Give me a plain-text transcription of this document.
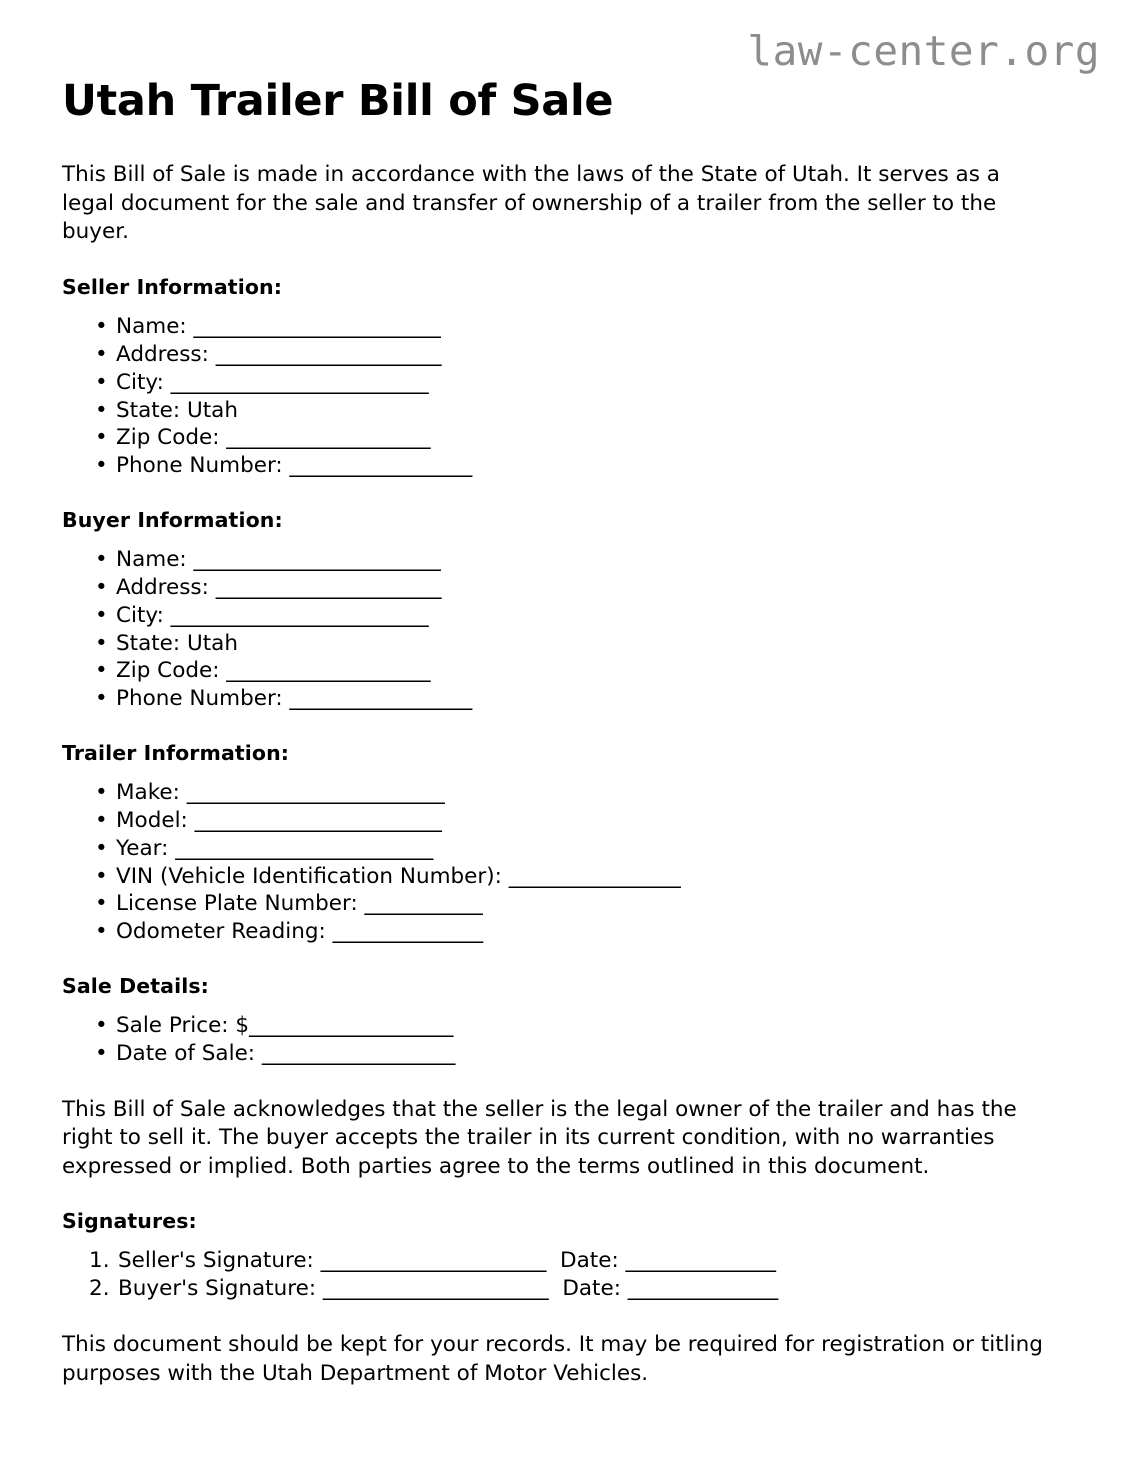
law-center.org
Utah Trailer Bill of Sale

This Bill of Sale is made in accordance with the laws of the State of Utah. It serves as a legal document for the sale and transfer of ownership of a trailer from the seller to the buyer.

Seller Information:
• Name: _______________________
• Address: _____________________
• City: ________________________
• State: Utah
• Zip Code: ___________________
• Phone Number: _________________
Buyer Information:
• Name: _______________________
• Address: _____________________
• City: ________________________
• State: Utah
• Zip Code: ___________________
• Phone Number: _________________
Trailer Information:
• Make: ________________________
• Model: _______________________
• Year: ________________________
• VIN (Vehicle Identification Number): ________________
• License Plate Number: ___________
• Odometer Reading: ______________
Sale Details:
• Sale Price: $___________________
• Date of Sale: __________________

This Bill of Sale acknowledges that the seller is the legal owner of the trailer and has the right to sell it. The buyer accepts the trailer in its current condition, with no warranties expressed or implied. Both parties agree to the terms outlined in this document.

Signatures:
Seller's Signature: _____________________  Date: ______________
Buyer's Signature: _____________________  Date: ______________

This document should be kept for your records. It may be required for registration or titling purposes with the Utah Department of Motor Vehicles.
